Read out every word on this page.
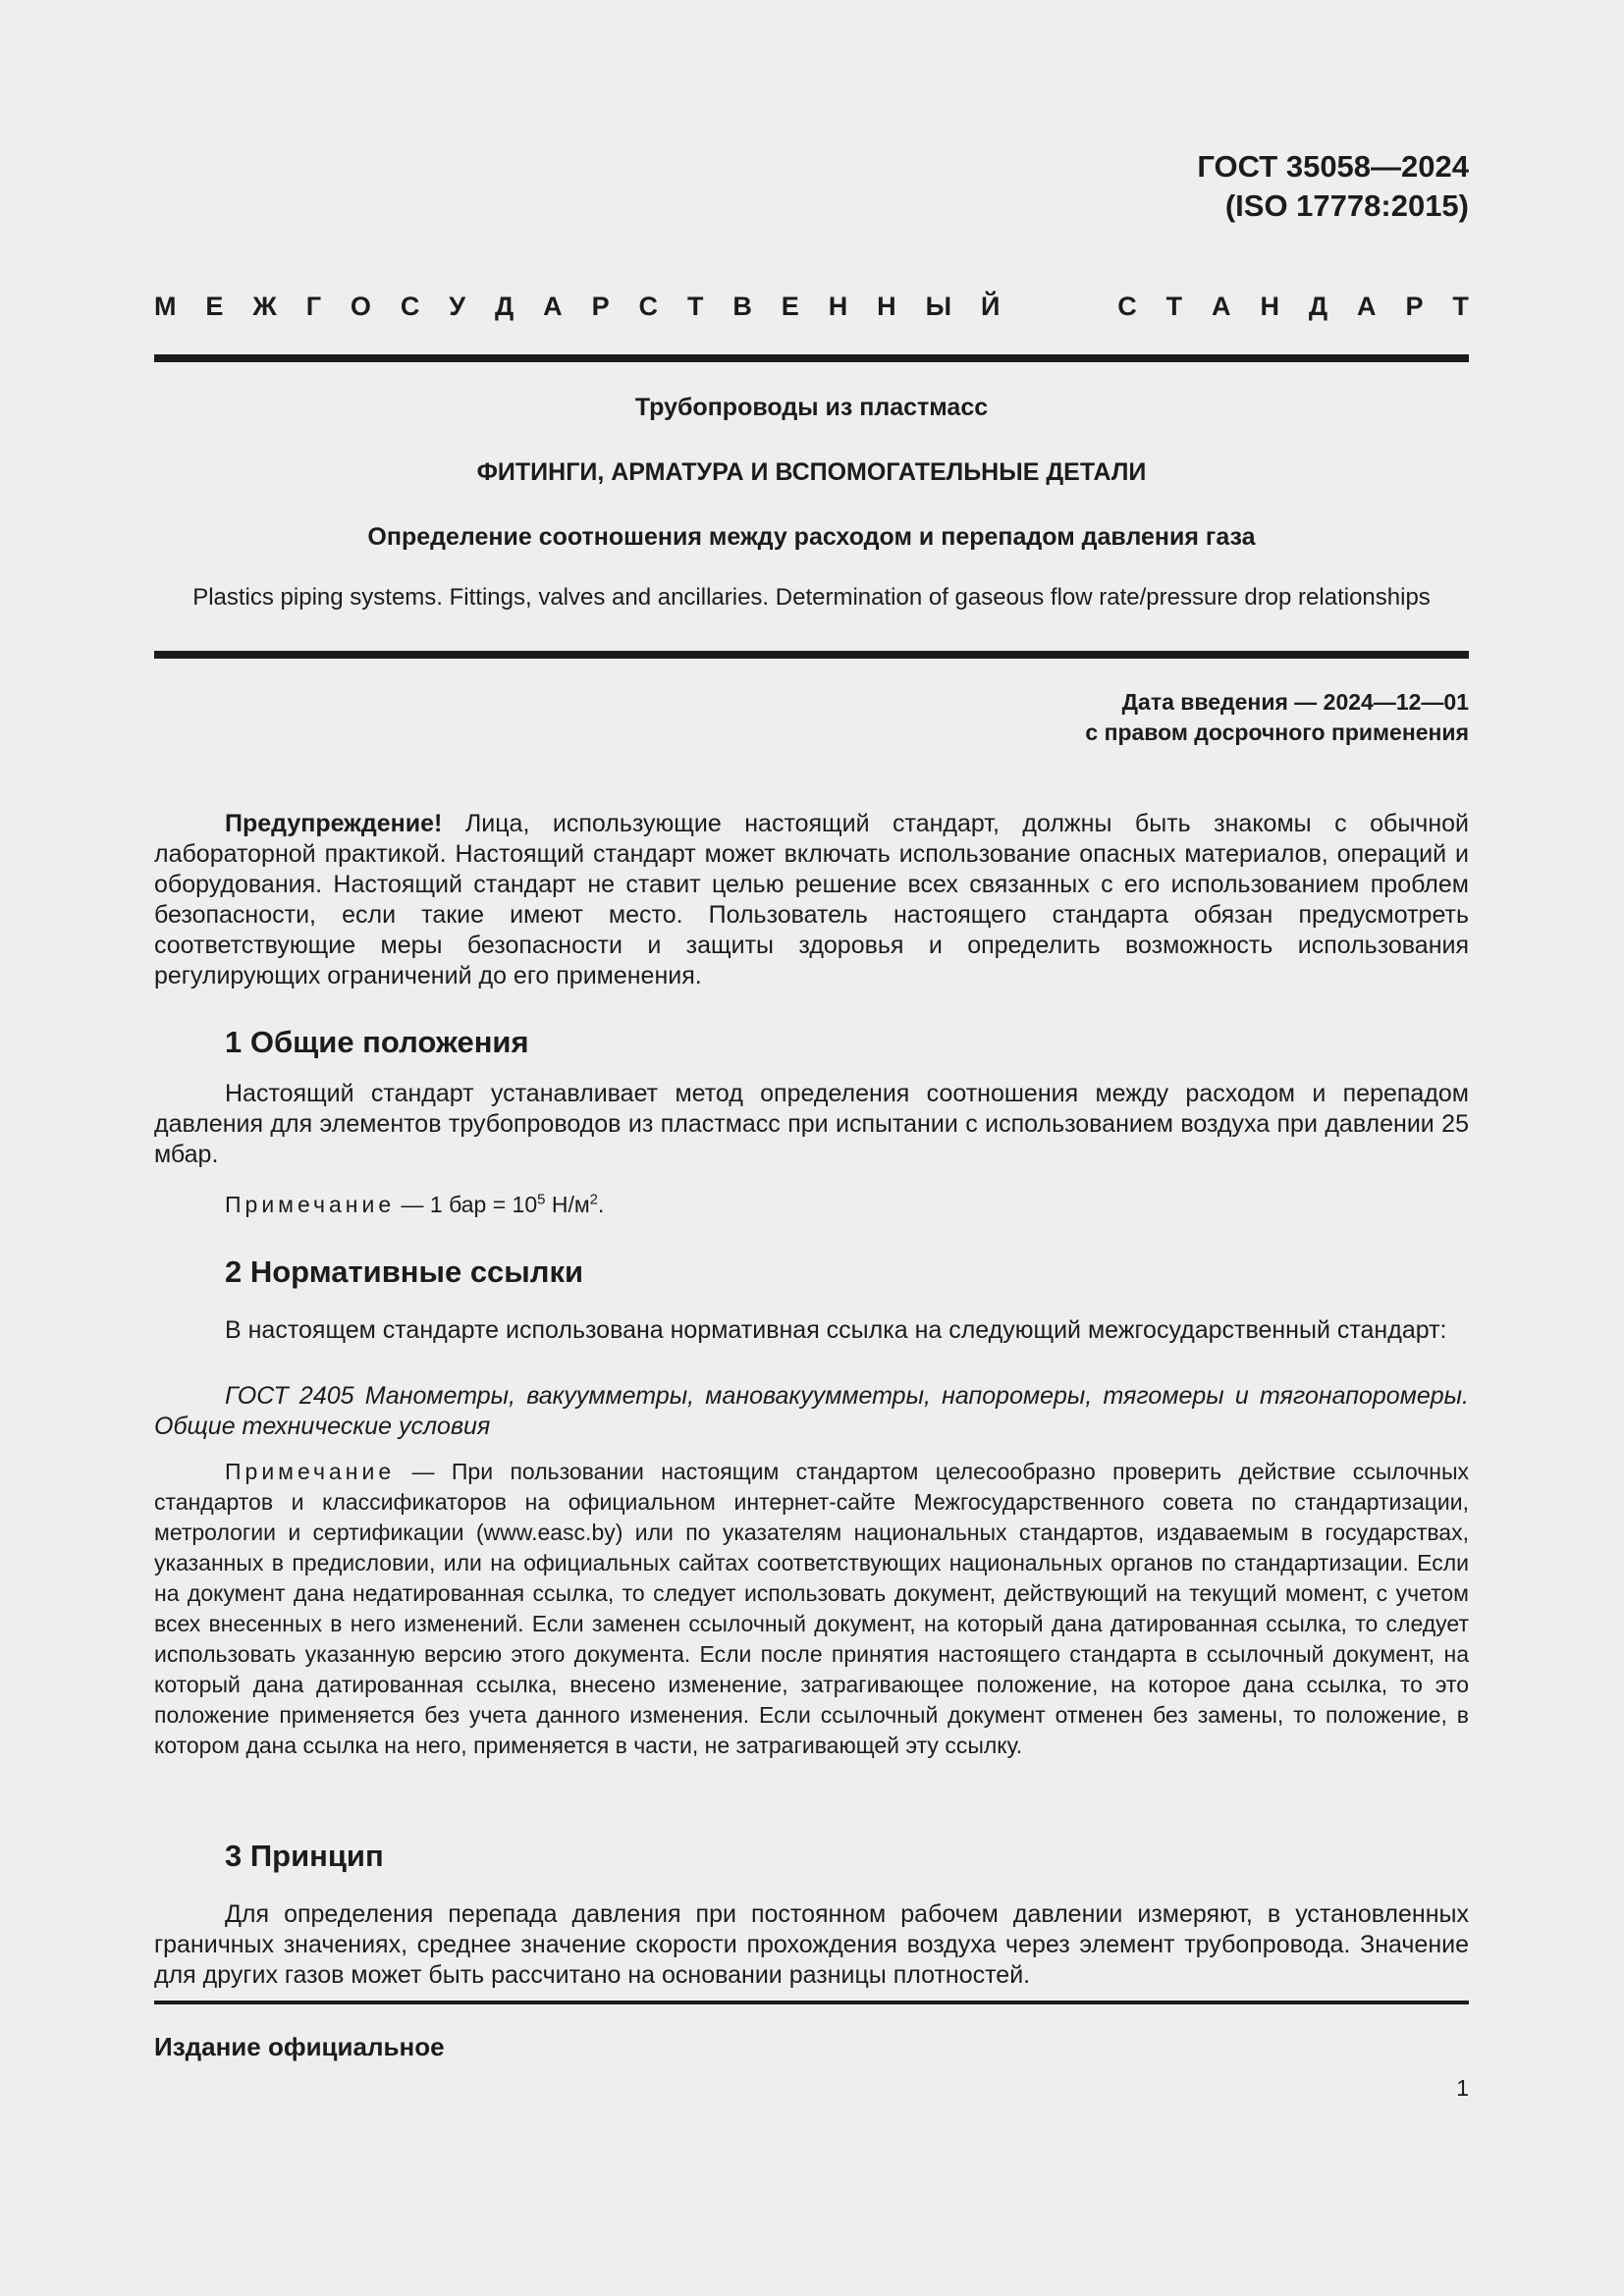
ГОСТ 35058—2024
(ISO 17778:2015)
М Е Ж Г О С У Д А Р С Т В Е Н Н Ы Й	С Т А Н Д А Р Т
Трубопроводы из пластмасс
ФИТИНГИ, АРМАТУРА И ВСПОМОГАТЕЛЬНЫЕ ДЕТАЛИ
Определение соотношения между расходом и перепадом давления газа
Plastics piping systems. Fittings, valves and ancillaries. Determination of gaseous flow rate/pressure drop relationships
Дата введения — 2024—12—01
с правом досрочного применения
Предупреждение! Лица, использующие настоящий стандарт, должны быть знакомы с обычной лабораторной практикой. Настоящий стандарт может включать использование опасных материалов, операций и оборудования. Настоящий стандарт не ставит целью решение всех связанных с его использованием проблем безопасности, если такие имеют место. Пользователь настоящего стандарта обязан предусмотреть соответствующие меры безопасности и защиты здоровья и определить возможность использования регулирующих ограничений до его применения.
1 Общие положения
Настоящий стандарт устанавливает метод определения соотношения между расходом и перепадом давления для элементов трубопроводов из пластмасс при испытании с использованием воздуха при давлении 25 мбар.
Примечание — 1 бар = $10^5$ $Н/м^2$.
2 Нормативные ссылки
В настоящем стандарте использована нормативная ссылка на следующий межгосударственный стандарт:
ГОСТ 2405 Манометры, вакуумметры, мановакуумметры, напоромеры, тягомеры и тягонапоромеры. Общие технические условия
Примечание — При пользовании настоящим стандартом целесообразно проверить действие ссылочных стандартов и классификаторов на официальном интернет-сайте Межгосударственного совета по стандартизации, метрологии и сертификации (www.easc.by) или по указателям национальных стандартов, издаваемым в государствах, указанных в предисловии, или на официальных сайтах соответствующих национальных органов по стандартизации. Если на документ дана недатированная ссылка, то следует использовать документ, действующий на текущий момент, с учетом всех внесенных в него изменений. Если заменен ссылочный документ, на который дана датированная ссылка, то следует использовать указанную версию этого документа. Если после принятия настоящего стандарта в ссылочный документ, на который дана датированная ссылка, внесено изменение, затрагивающее положение, на которое дана ссылка, то это положение применяется без учета данного изменения. Если ссылочный документ отменен без замены, то положение, в котором дана ссылка на него, применяется в части, не затрагивающей эту ссылку.
3 Принцип
Для определения перепада давления при постоянном рабочем давлении измеряют, в установленных граничных значениях, среднее значение скорости прохождения воздуха через элемент трубопровода. Значение для других газов может быть рассчитано на основании разницы плотностей.
Издание официальное
1
